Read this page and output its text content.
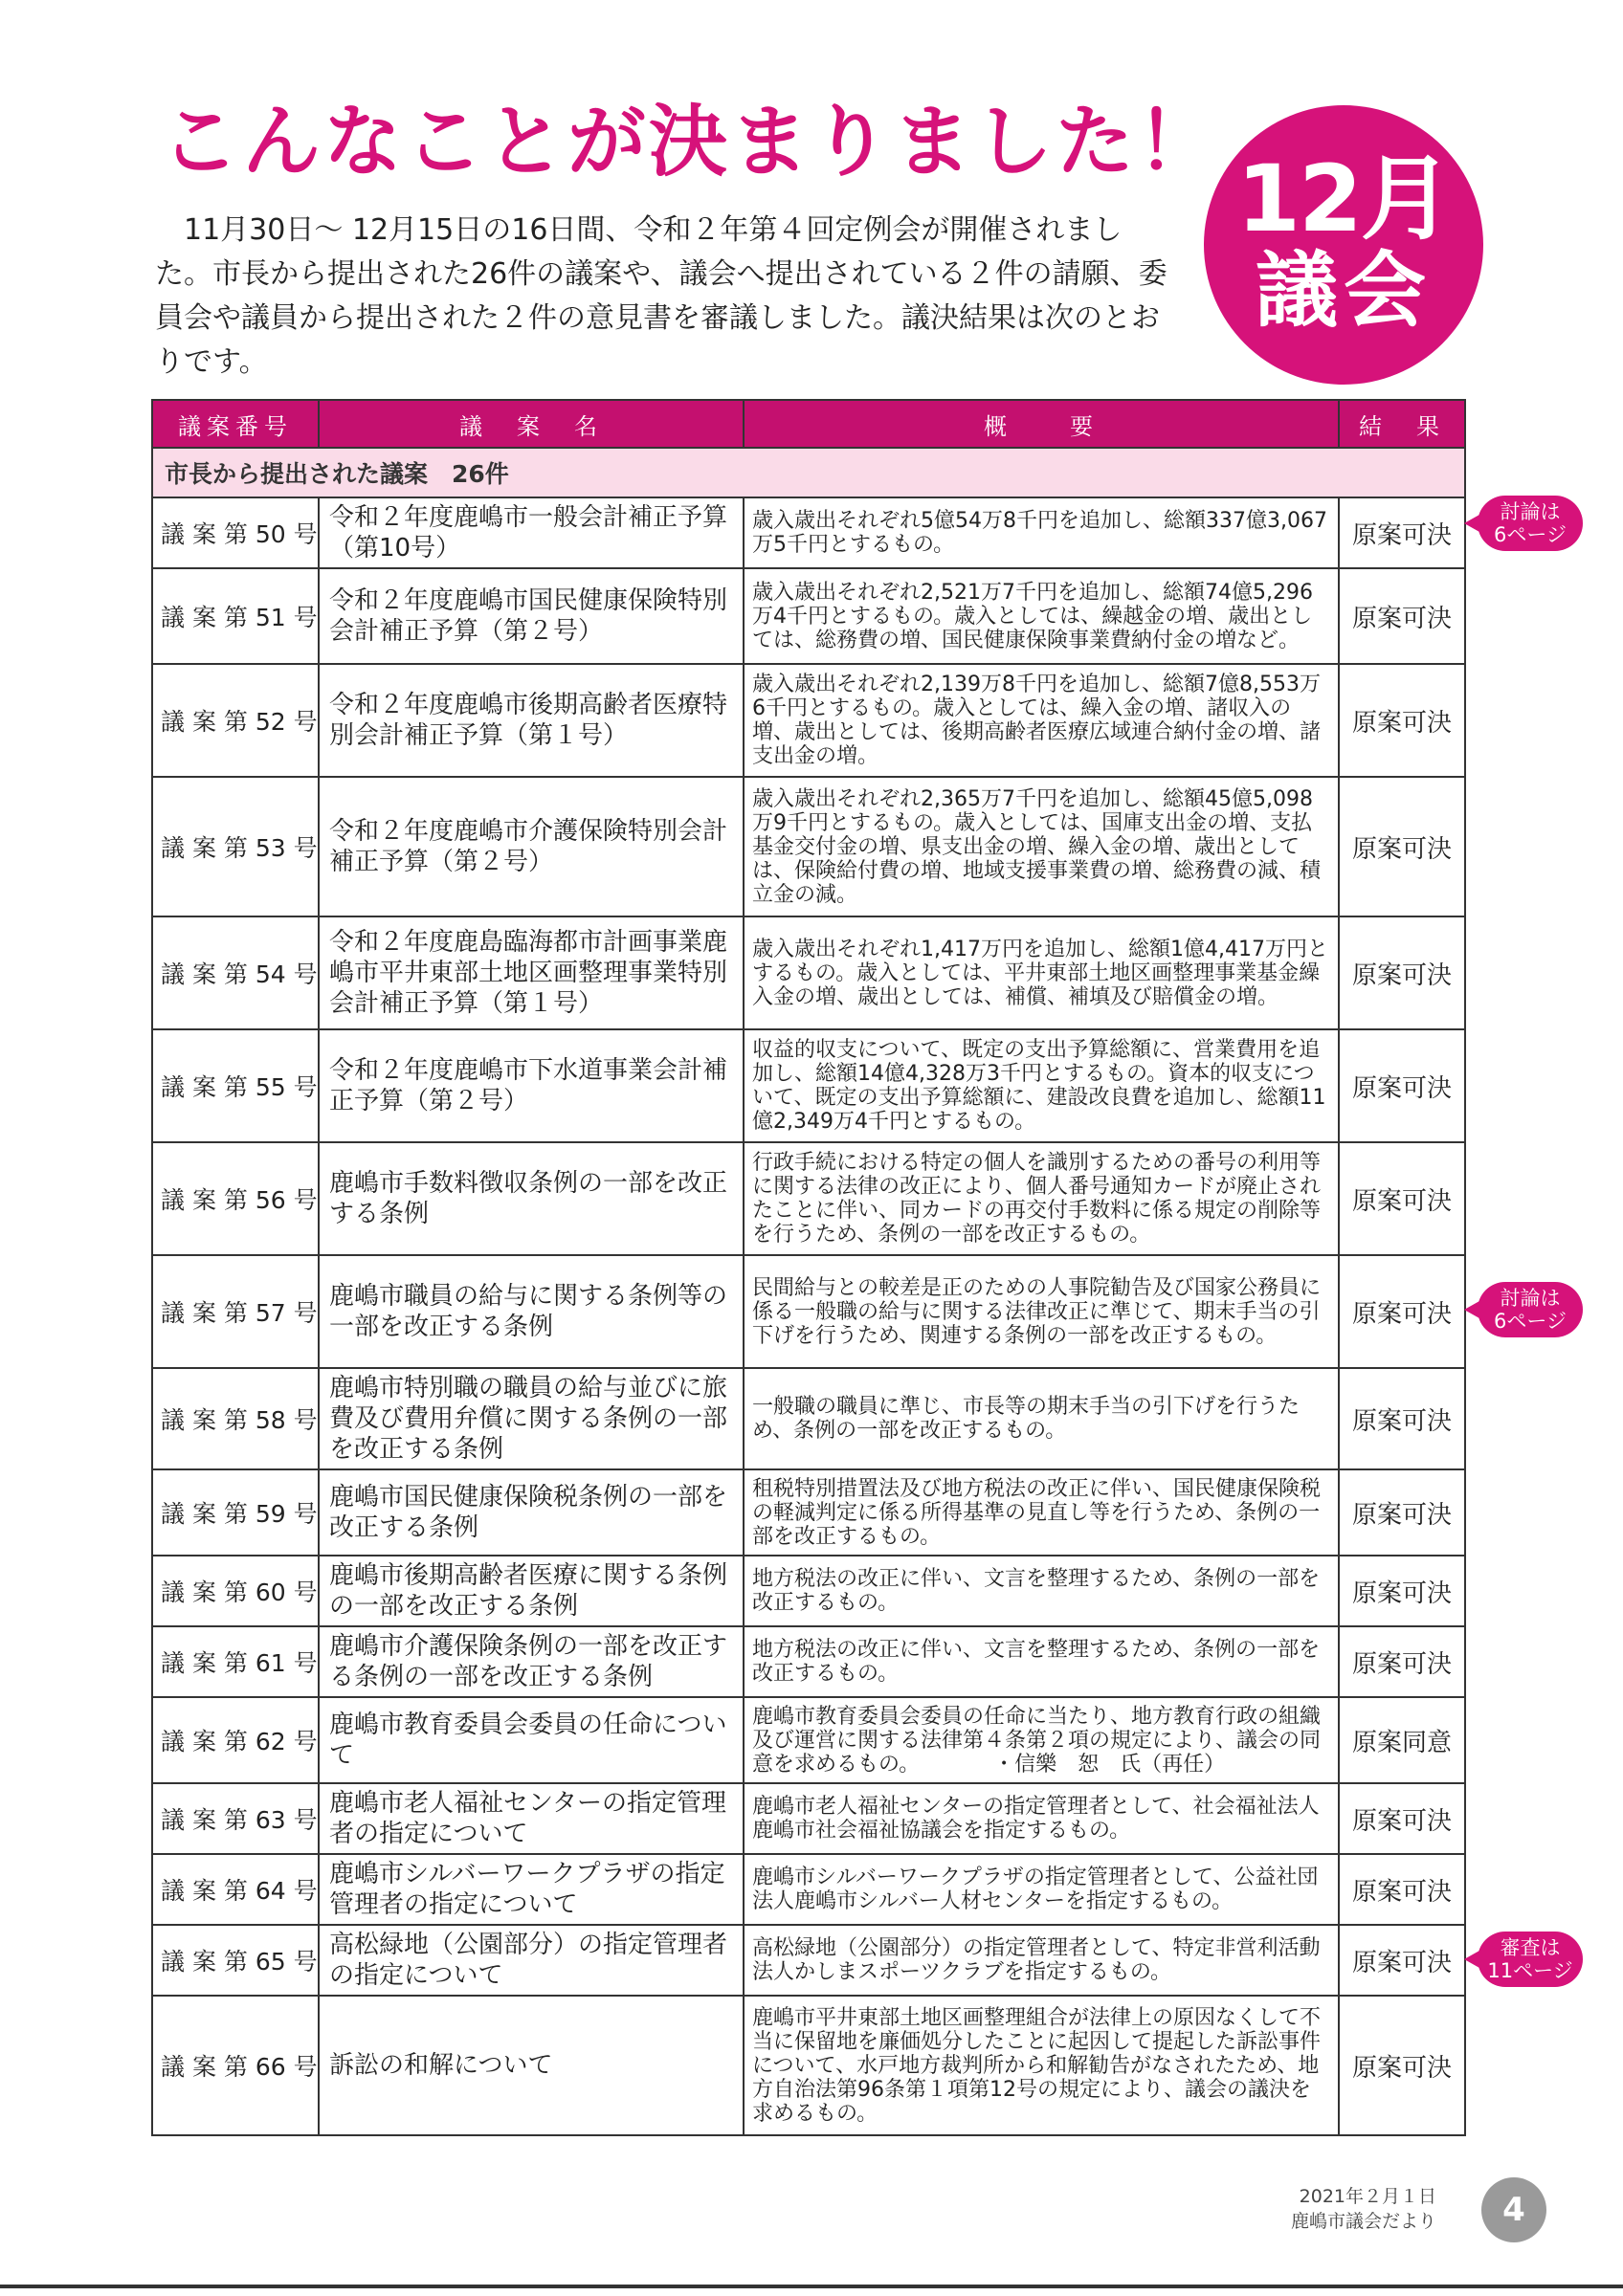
こんなことが決まりました！

11月30日～ 12月15日の16日間、令和２年第４回定例会が開催されました。市長から提出された26件の議案や、議会へ提出されている２件の請願、委員会や議員から提出された２件の意見書を審議しました。議決結果は次のとおりです。

12月
議会
議案番号	議　案　名	概　　要	結　果
市長から提出された議案　26件			
議 案 第 50 号	令和２年度鹿嶋市一般会計補正予算（第10号）	歳入歳出それぞれ5億54万8千円を追加し、総額337億3,067万5千円とするもの。	原案可決
議 案 第 51 号	令和２年度鹿嶋市国民健康保険特別会計補正予算（第２号）	歳入歳出それぞれ2,521万7千円を追加し、総額74億5,296万4千円とするもの。歳入としては、繰越金の増、歳出としては、総務費の増、国民健康保険事業費納付金の増など。	原案可決
議 案 第 52 号	令和２年度鹿嶋市後期高齢者医療特別会計補正予算（第１号）	歳入歳出それぞれ2,139万8千円を追加し、総額7億8,553万6千円とするもの。歳入としては、繰入金の増、諸収入の増、歳出としては、後期高齢者医療広域連合納付金の増、諸支出金の増。	原案可決
議 案 第 53 号	令和２年度鹿嶋市介護保険特別会計補正予算（第２号）	歳入歳出それぞれ2,365万7千円を追加し、総額45億5,098万9千円とするもの。歳入としては、国庫支出金の増、支払基金交付金の増、県支出金の増、繰入金の増、歳出としては、保険給付費の増、地域支援事業費の増、総務費の減、積立金の減。	原案可決
議 案 第 54 号	令和２年度鹿島臨海都市計画事業鹿嶋市平井東部土地区画整理事業特別会計補正予算（第１号）	歳入歳出それぞれ1,417万円を追加し、総額1億4,417万円とするもの。歳入としては、平井東部土地区画整理事業基金繰入金の増、歳出としては、補償、補填及び賠償金の増。	原案可決
議 案 第 55 号	令和２年度鹿嶋市下水道事業会計補正予算（第２号）	収益的収支について、既定の支出予算総額に、営業費用を追加し、総額14億4,328万3千円とするもの。資本的収支について、既定の支出予算総額に、建設改良費を追加し、総額11億2,349万4千円とするもの。	原案可決
議 案 第 56 号	鹿嶋市手数料徴収条例の一部を改正する条例	行政手続における特定の個人を識別するための番号の利用等に関する法律の改正により、個人番号通知カードが廃止されたことに伴い、同カードの再交付手数料に係る規定の削除等を行うため、条例の一部を改正するもの。	原案可決
議 案 第 57 号	鹿嶋市職員の給与に関する条例等の一部を改正する条例	民間給与との較差是正のための人事院勧告及び国家公務員に係る一般職の給与に関する法律改正に準じて、期末手当の引下げを行うため、関連する条例の一部を改正するもの。	原案可決
議 案 第 58 号	鹿嶋市特別職の職員の給与並びに旅費及び費用弁償に関する条例の一部を改正する条例	一般職の職員に準じ、市長等の期末手当の引下げを行うため、条例の一部を改正するもの。	原案可決
議 案 第 59 号	鹿嶋市国民健康保険税条例の一部を改正する条例	租税特別措置法及び地方税法の改正に伴い、国民健康保険税の軽減判定に係る所得基準の見直し等を行うため、条例の一部を改正するもの。	原案可決
議 案 第 60 号	鹿嶋市後期高齢者医療に関する条例の一部を改正する条例	地方税法の改正に伴い、文言を整理するため、条例の一部を改正するもの。	原案可決
議 案 第 61 号	鹿嶋市介護保険条例の一部を改正する条例の一部を改正する条例	地方税法の改正に伴い、文言を整理するため、条例の一部を改正するもの。	原案可決
議 案 第 62 号	鹿嶋市教育委員会委員の任命について	鹿嶋市教育委員会委員の任命に当たり、地方教育行政の組織及び運営に関する法律第４条第２項の規定により、議会の同意を求めるもの。　　　　・信樂　恕　氏（再任）	原案同意
議 案 第 63 号	鹿嶋市老人福祉センターの指定管理者の指定について	鹿嶋市老人福祉センターの指定管理者として、社会福祉法人鹿嶋市社会福祉協議会を指定するもの。	原案可決
議 案 第 64 号	鹿嶋市シルバーワークプラザの指定管理者の指定について	鹿嶋市シルバーワークプラザの指定管理者として、公益社団法人鹿嶋市シルバー人材センターを指定するもの。	原案可決
議 案 第 65 号	高松緑地（公園部分）の指定管理者の指定について	高松緑地（公園部分）の指定管理者として、特定非営利活動法人かしまスポーツクラブを指定するもの。	原案可決
議 案 第 66 号	訴訟の和解について	鹿嶋市平井東部土地区画整理組合が法律上の原因なくして不当に保留地を廉価処分したことに起因して提起した訴訟事件について、水戸地方裁判所から和解勧告がなされたため、地方自治法第96条第１項第12号の規定により、議会の議決を求めるもの。	原案可決
討論は
6ページ
討論は
6ページ
審査は
11ページ
2021年２月１日
鹿嶋市議会だより	4
